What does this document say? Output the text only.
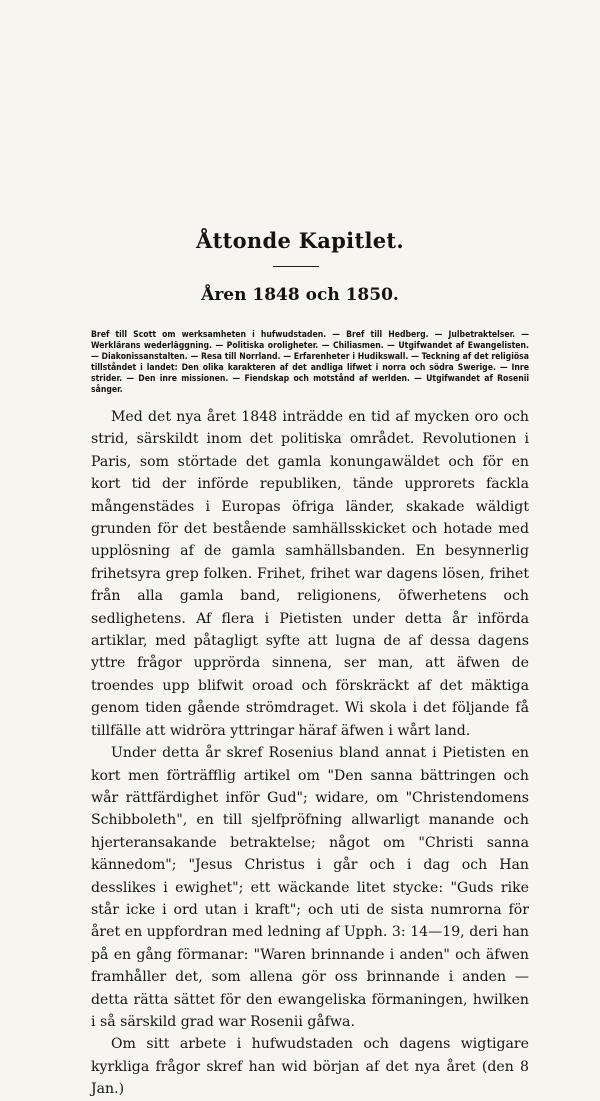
Åttonde Kapitlet.
Åren 1848 och 1850.

Bref till Scott om werksamheten i hufwudstaden. — Bref till Hedberg. — Julbetraktelser. — Werklärans wederläggning. — Politiska oroligheter. — Chiliasmen. — Utgifwandet af Ewangelisten. — Diakonissanstalten. — Resa till Norrland. — Erfarenheter i Hudikswall. — Teckning af det religiösa tillståndet i landet: Den olika karakteren af det andliga lifwet i norra och södra Swerige. — Inre strider. — Den inre missionen. — Fiendskap och motstånd af werlden. — Utgifwandet af Rosenii sånger.

Med det nya året 1848 inträdde en tid af mycken oro och strid, särskildt inom det politiska området. Revolutionen i Paris, som störtade det gamla konungawäldet och för en kort tid der införde republiken, tände upprorets fackla mångenstädes i Europas öfriga länder, skakade wäldigt grunden för det bestående samhällsskicket och hotade med upplösning af de gamla samhällsbanden. En besynnerlig frihetsyra grep folken. Frihet, frihet war dagens lösen, frihet från alla gamla band, religionens, öfwerhetens och sedlighetens. Af flera i Pietisten under detta år införda artiklar, med påtagligt syfte att lugna de af dessa dagens yttre frågor upprörda sinnena, ser man, att äfwen de troendes upp blifwit oroad och förskräckt af det mäktiga genom tiden gående strömdraget. Wi skola i det följande få tillfälle att widröra yttringar häraf äfwen i wårt land.

Under detta år skref Rosenius bland annat i Pietisten en kort men förträfflig artikel om "Den sanna bättringen och wår rättfärdighet inför Gud"; widare, om "Christendomens Schibboleth", en till sjelfpröfning allwarligt manande och hjerteransakande betraktelse; något om "Christi sanna kännedom"; "Jesus Christus i går och i dag och Han desslikes i ewighet"; ett wäckande litet stycke: "Guds rike står icke i ord utan i kraft"; och uti de sista numrorna för året en uppfordran med ledning af Upph. 3: 14—19, deri han på en gång förmanar: "Waren brinnande i anden" och äfwen framhåller det, som allena gör oss brinnande i anden — detta rätta sättet för den ewangeliska förmaningen, hwilken i så särskild grad war Rosenii gåfwa.

Om sitt arbete i hufwudstaden och dagens wigtigare kyrkliga frågor skref han wid början af det nya året (den 8 Jan.)
